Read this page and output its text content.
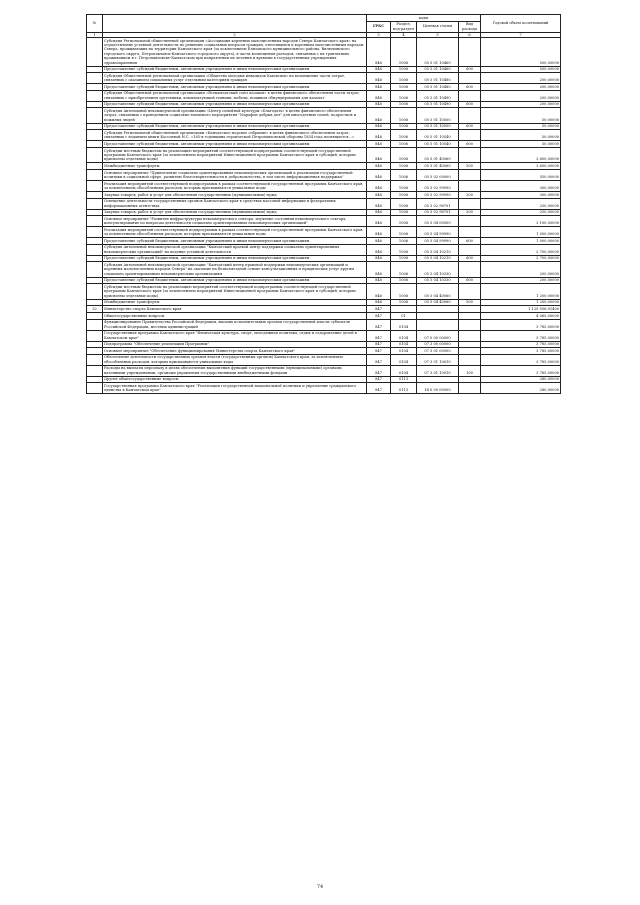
№		коды				Годовой объем ассигнований
		ГРБС	Раздел, под-раздел	Целевая статья	Вид расхода	
1	2	3	4	5	6	7
	Субсидия Региональной общественной организации «Ассоциация коренных малочисленных народов Севера Камчатского края» на осуществление уставной деятельности по решению социальных вопросов граждан, относящихся к коренным малочисленным народам Севера, проживающих на территории Камчатского края (за исключением Елизовского муниципального района, Вилючинского городского округа, Петропавловск-Камчатского городского округа), в части возмещения расходов, связанных с их транзитным проживанием в г. Петропавловске-Камчатском при направлении их лечения и времени в государственных учреждениях здравоохранения	846	1006	05 5 01 10460		500,00000
	Предоставление субсидий бюджетным, автономным учреждениям и иным некоммерческим организациям	846	1006	05 5 01 10460	600	500,00000
	Субсидия Общественной региональной организации «Общество молодых инвалидов Камчатки» на возмещение части затрат, связанных с оказанием социальных услуг отдельным категориям граждан	846	1006	05 5 01 10480		200,00000
	Предоставление субсидий бюджетным, автономным учреждениям и иным некоммерческим организациям	846	1006	05 5 01 10480	600	200,00000
	Субсидия Общественной региональной организации «Всекамчатский союз казаков» в целях финансового обеспечения части затрат, связанных с приобретением оргтехники, комплектующей техники, мебели, пошивом обмундирования для казачат	846	1006	05 5 01 10490		200,00000
	Предоставление субсидий бюджетным, автономным учреждениям и иным некоммерческим организациям	846	1006	05 5 01 10490	600	200,00000
	Субсидия Автономной некоммерческой организации «Центр семейной культуры «Благодать» в целях финансового обеспечения затрат, связанных с проведением социально-значимого мероприятия "Марафон добрых дел" для многодетных семей, подростков и пожилых людей	846	1006	05 5 01 10500		50,00000
	Предоставление субсидий бюджетным, автономным учреждениям и иным некоммерческим организациям	846	1006	05 5 01 10500	600	50,00000
	Субсидия Региональной общественной организации «Камчатское морское собрание» в целях финансового обеспечения затрат, связанных с изданием книги Косолевой Н.С. «165-я годовщина героической Петропавловской обороны 1854 года посвящается…»	846	1006	05 5 01 10540		50,00000
	Предоставление субсидий бюджетным, автономным учреждениям и иным некоммерческим организациям	846	1006	05 5 01 10540	600	50,00000
	Субсидии местным бюджетам на реализацию мероприятий соответствующей подпрограммы соответствующей государственной программы Камчатского края (за исключением мероприятий Инвестиционной программы Камчатского края и субсидий, которым присвоены отдельные коды)	846	1006	05 5 01 40060		3 600,00000
	Межбюджетные трансферты	846	1006	05 5 01 40060	500	3 600,00000
	Основное мероприятие "Привлечение социально ориентированных некоммерческих организаций к реализации государственной политики в социальной сфере, развитию благотворительности и добровольчества, в том числе информационная поддержка"	846	1006	05 5 02 00000		550,00000
	Реализация мероприятий соответствующей подпрограммы в рамках соответствующей государственной программы Камчатского края, за исключением обособленных расходов, которым присваиваются уникальные коды	846	1006	05 5 02 99990		300,00000
	Закупка товаров, работ и услуг для обеспечения государственных (муниципальных) нужд	846	1006	05 5 02 99990	200	300,00000
	Освещение деятельности государственных органов Камчатского края в средствах массовой информации и федеральных информационных агентствах	846	1006	05 5 02 98701		250,00000
	Закупка товаров, работ и услуг для обеспечения государственных (муниципальных) нужд	846	1006	05 5 02 98701	200	250,00000
	Основное мероприятие "Развитие инфраструктуры некоммерческого сектора, изучение состояния некоммерческого сектора, консультирование по вопросам деятельности социально ориентированных некоммерческих организаций"	846	1006	05 5 04 00000		3 100,00000
	Реализация мероприятий соответствующей подпрограммы в рамках соответствующей государственной программы Камчатского края, за исключением обособленных расходов, которым присваиваются уникальные коды	846	1006	05 5 04 99990		1 000,00000
	Предоставление субсидий бюджетным, автономным учреждениям и иным некоммерческим организациям	846	1006	05 5 04 99990	600	1 000,00000
	Субсидия Автономной некоммерческой организации "Камчатский краевой центр поддержки социально ориентированных некоммерческих организаций" на ведение уставной деятельности	846	1006	05 5 04 10210		2 700,00000
	Предоставление субсидий бюджетным, автономным учреждениям и иным некоммерческим организациям	846	1006	05 5 04 10210	600	2 700,00000
	Субсидия Автономной некоммерческой организации "Камчатский центр правовой поддержки некоммерческих организаций и коренных малочисленных народов Севера" на оказание на безвозмездной основе консультационных и юридических услуг другим социально ориентированным некоммерческим организациям	846	1006	05 5 04 10330		200,00000
	Предоставление субсидий бюджетным, автономным учреждениям и иным некоммерческим организациям	846	1006	05 5 04 10330	600	200,00000
	Субсидии местным бюджетам на реализацию мероприятий соответствующей подпрограммы соответствующей государственной программы Камчатского края (за исключением мероприятий Инвестиционной программы Камчатского края и субсидий, которым присвоены отдельные коды)	846	1006	05 5 04 40060		1 200,00000
	Межбюджетные трансферты	846	1006	05 5 04 40060	500	1 200,00000
32	Министерство спорта Камчатского края	847				1 129 556,01400
	Общегосударственные вопросы	847	01			4 065,00000
	Функционирование Правительства Российской Федерации, высших исполнительных органов государственной власти субъектов Российской Федерации, местных администраций	847	0104			3 785,00000
	Государственная программа Камчатского края "Физическая культура, спорт, молодежная политика, отдых и оздоровление детей в Камчатском крае"	847	0104	07 0 00 00000		3 785,00000
	Подпрограмма "Обеспечение реализации Программы"	847	0104	07 3 00 00000		3 785,00000
	Основное мероприятие "Обеспечение функционирования Министерства спорта Камчатского края"	847	0104	07 3 01 00000		3 785,00000
	Обеспечение деятельности государственных органов власти (государственных органов) Камчатского края, за исключением обособленных расходов, которым присваиваются уникальные коды	847	0104	07 3 01 10010		3 785,00000
	Расходы на выплаты персоналу в целях обеспечения выполнения функций государственными (муниципальными) органами, казенными учреждениями, органами управления государственными внебюджетными фондами	847	0104	07 3 01 10010	100	3 785,00000
	Другие общегосударственные вопросы	847	0113			280,00000
	Государственная программа Камчатского края "Реализация государственной национальной политики и укрепление гражданского единства в Камчатском крае"	847	0113	14 0 00 00000		280,00000
74
